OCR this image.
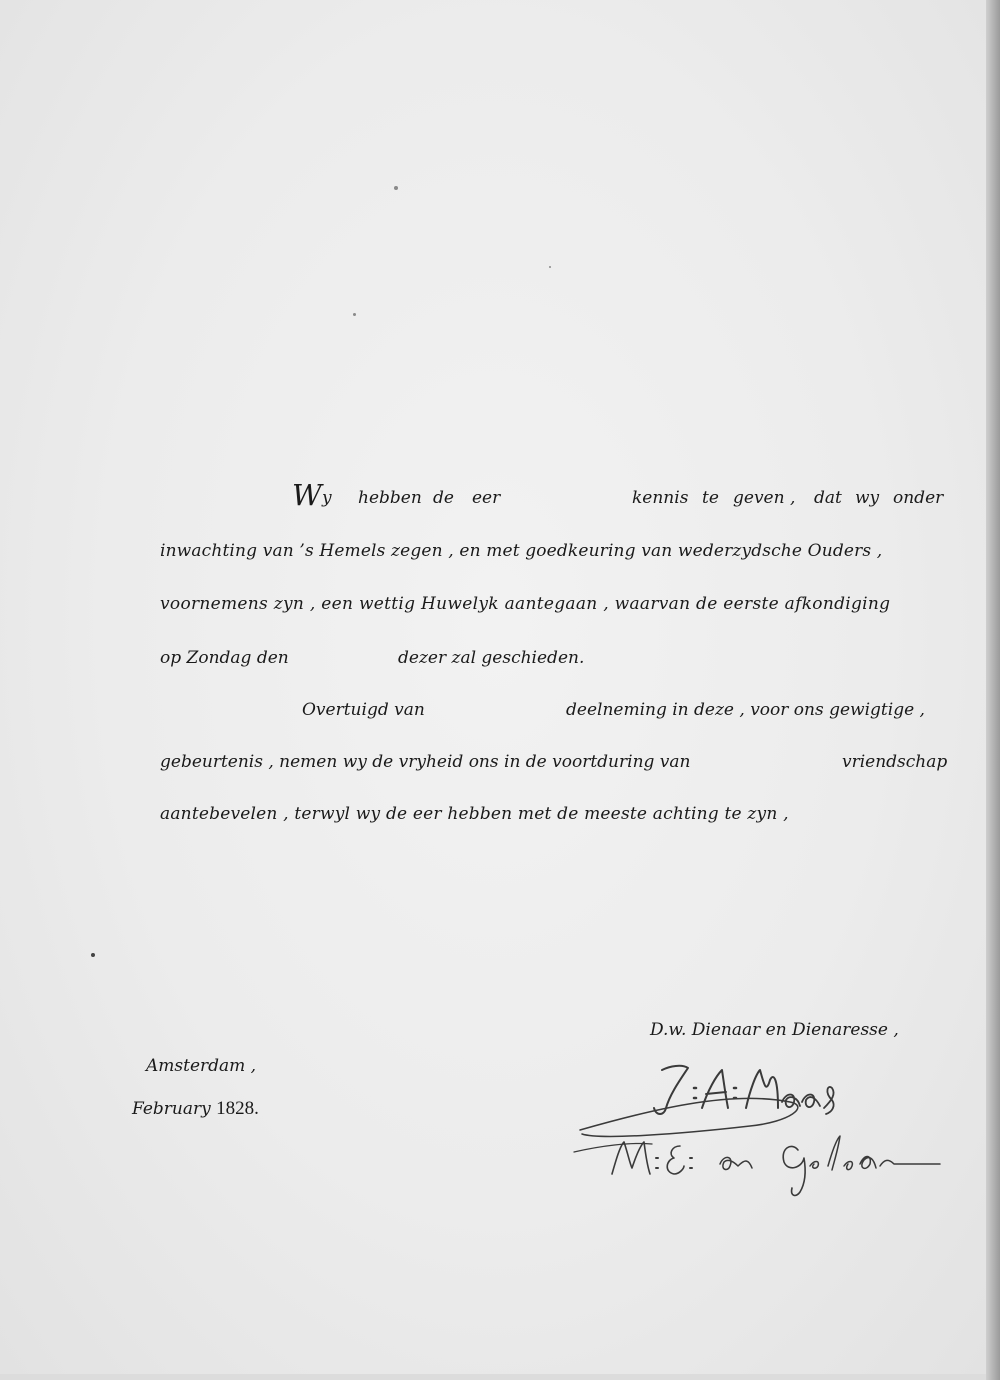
W y hebben de eer	kennis te geven , dat wy onder
inwachting van ’s Hemels zegen , en met goedkeuring van wederzydsche Ouders ,
voornemens zyn , een wettig Huwelyk aantegaan , waarvan de eerste afkondiging
op Zondag den	dezer zal geschieden.
Overtuigd van	deelneming in deze , voor ons gewigtige ,
gebeurtenis , nemen wy de vryheid ons in de voortduring van	vriendschap
aantebevelen , terwyl wy de eer hebben met de meeste achting te zyn ,
D.w. Dienaar en Dienaresse ,
Amsterdam ,
February 1828.
